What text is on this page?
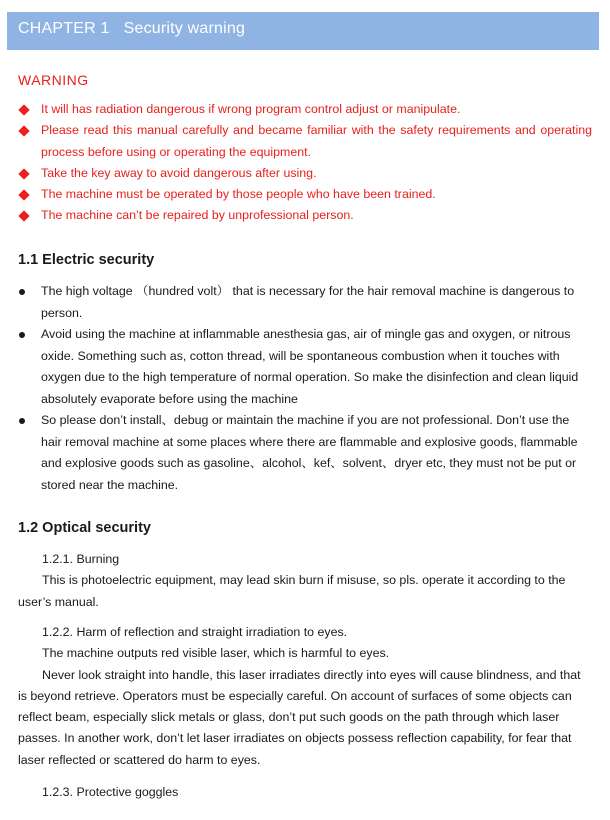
CHAPTER 1 Security warning
WARNING
It will has radiation dangerous if wrong program control adjust or manipulate.
Please read this manual carefully and became familiar with the safety requirements and operating process before using or operating the equipment.
Take the key away to avoid dangerous after using.
The machine must be operated by those people who have been trained.
The machine can’t be repaired by unprofessional person.
1.1 Electric security
The high voltage （hundred volt） that is necessary for the hair removal machine is dangerous to person.
Avoid using the machine at inflammable anesthesia gas, air of mingle gas and oxygen, or nitrous oxide. Something such as, cotton thread, will be spontaneous combustion when it touches with oxygen due to the high temperature of normal operation. So make the disinfection and clean liquid absolutely evaporate before using the machine
So please don’t install、debug or maintain the machine if you are not professional. Don’t use the hair removal machine at some places where there are flammable and explosive goods, flammable and explosive goods such as gasoline、alcohol、kef、solvent、dryer etc, they must not be put or stored near the machine.
1.2 Optical security

1.2.1. Burning

This is photoelectric equipment, may lead skin burn if misuse, so pls. operate it according to the user’s manual.

1.2.2. Harm of reflection and straight irradiation to eyes.

The machine outputs red visible laser, which is harmful to eyes.

Never look straight into handle, this laser irradiates directly into eyes will cause blindness, and that is beyond retrieve. Operators must be especially careful. On account of surfaces of some objects can reflect beam, especially slick metals or glass, don’t put such goods on the path through which laser passes. In another work, don’t let laser irradiates on objects possess reflection capability, for fear that laser reflected or scattered do harm to eyes.

1.2.3. Protective goggles
